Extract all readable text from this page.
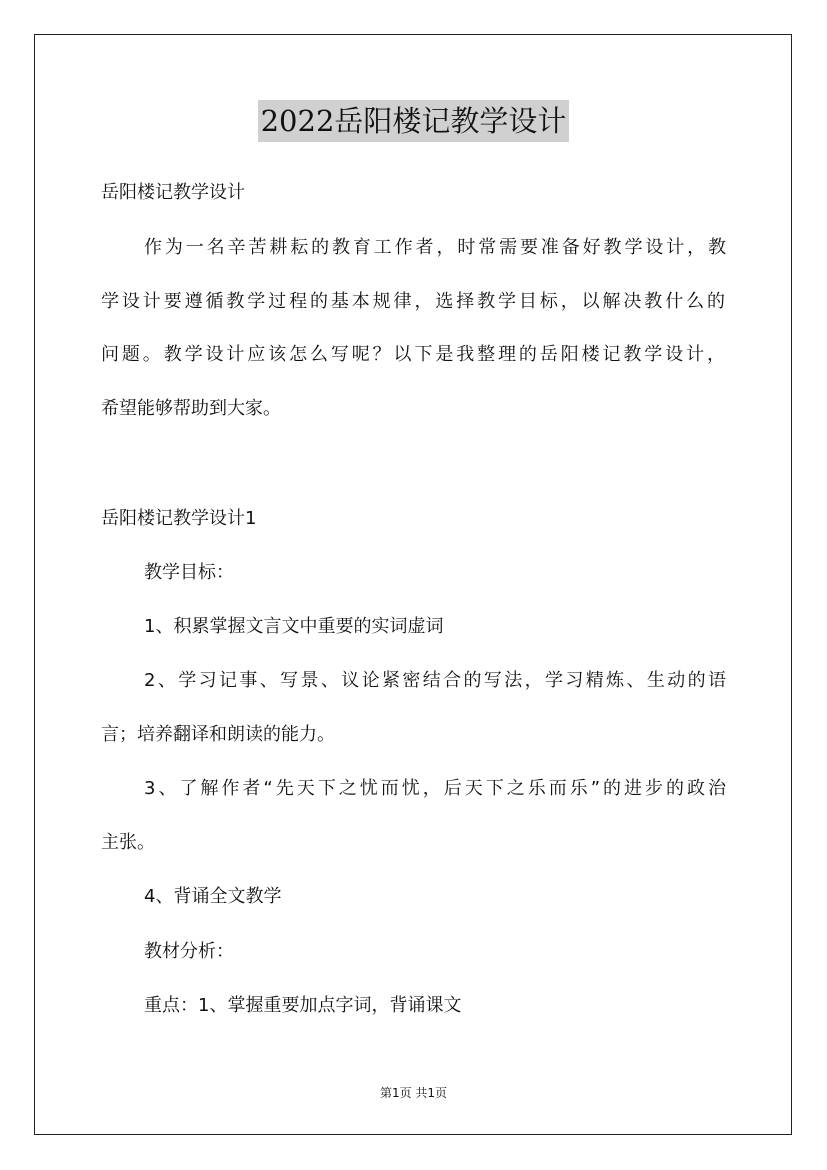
2022岳阳楼记教学设计
岳阳楼记教学设计
作为一名辛苦耕耘的教育工作者，时常需要准备好教学设计，教
学设计要遵循教学过程的基本规律，选择教学目标，以解决教什么的
问题。教学设计应该怎么写呢？以下是我整理的岳阳楼记教学设计，
希望能够帮助到大家。
岳阳楼记教学设计1
教学目标：
1、积累掌握文言文中重要的实词虚词
2、学习记事、写景、议论紧密结合的写法，学习精炼、生动的语
言；培养翻译和朗读的能力。
3、了解作者“先天下之忧而忧，后天下之乐而乐”的进步的政治
主张。
4、背诵全文教学
教材分析：
重点：1、掌握重要加点字词，背诵课文
第1页 共1页
